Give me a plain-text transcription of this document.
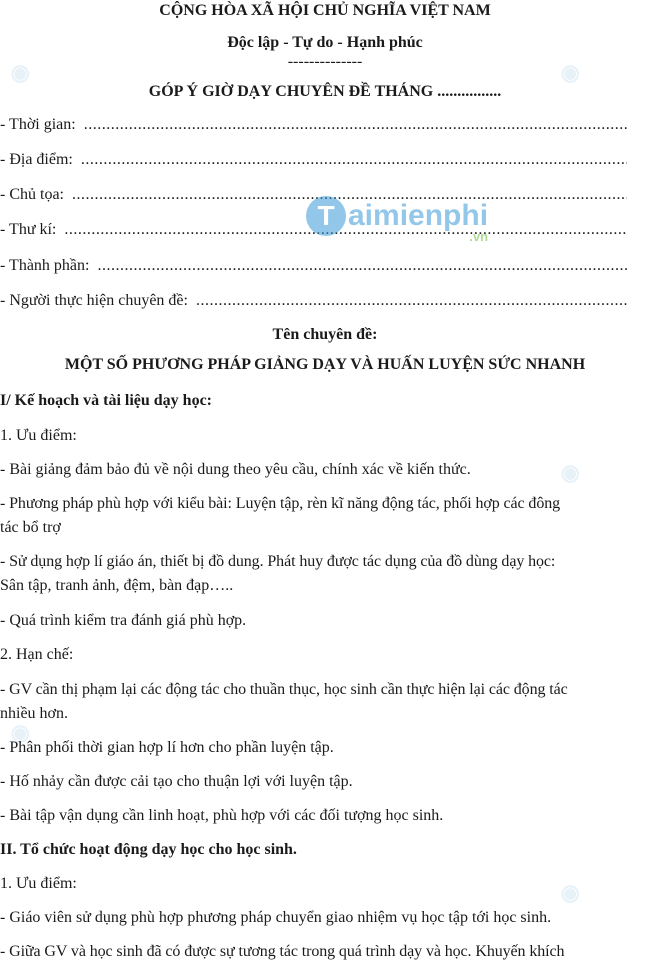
◉	◉
◉
◉
◉
CỘNG HÒA XÃ HỘI CHỦ NGHĨA VIỆT NAM
Độc lập - Tự do - Hạnh phúc
--------------
GÓP Ý GIỜ DẠY CHUYÊN ĐỀ THÁNG ................
- Thời gian:
.....
- Địa điểm:
.....
- Chủ tọa:
.....
- Thư kí:
.....
- Thành phần:
.....
- Người thực hiện chuyên đề:
.....
Tên chuyên đề:
MỘT SỐ PHƯƠNG PHÁP GIẢNG DẠY VÀ HUẤN LUYỆN SỨC NHANH
I/ Kế hoạch và tài liệu dạy học:
1. Ưu điểm:
- Bài giảng đảm bảo đủ về nội dung theo yêu cầu, chính xác về kiến thức.
- Phương pháp phù hợp với kiểu bài: Luyện tập, rèn kĩ năng động tác, phối hợp các đông
tác bổ trợ
- Sử dụng hợp lí giáo án, thiết bị đồ dung. Phát huy được tác dụng của đồ dùng dạy học:
Sân tập, tranh ảnh, đệm, bàn đạp…..
- Quá trình kiểm tra đánh giá phù hợp.
2. Hạn chế:
- GV cần thị phạm lại các động tác cho thuần thục, học sinh cần thực hiện lại các động tác
nhiều hơn.
- Phân phối thời gian hợp lí hơn cho phần luyện tập.
- Hố nhảy cần được cải tạo cho thuận lợi với luyện tập.
- Bài tập vận dụng cần linh hoạt, phù hợp với các đối tượng học sinh.
II. Tổ chức hoạt động dạy học cho học sinh.
1. Ưu điểm:
- Giáo viên sử dụng phù hợp phương pháp chuyển giao nhiệm vụ học tập tới học sinh.
- Giữa GV và học sinh đã có được sự tương tác trong quá trình dạy và học. Khuyến khích
T aimienphi
.vn
